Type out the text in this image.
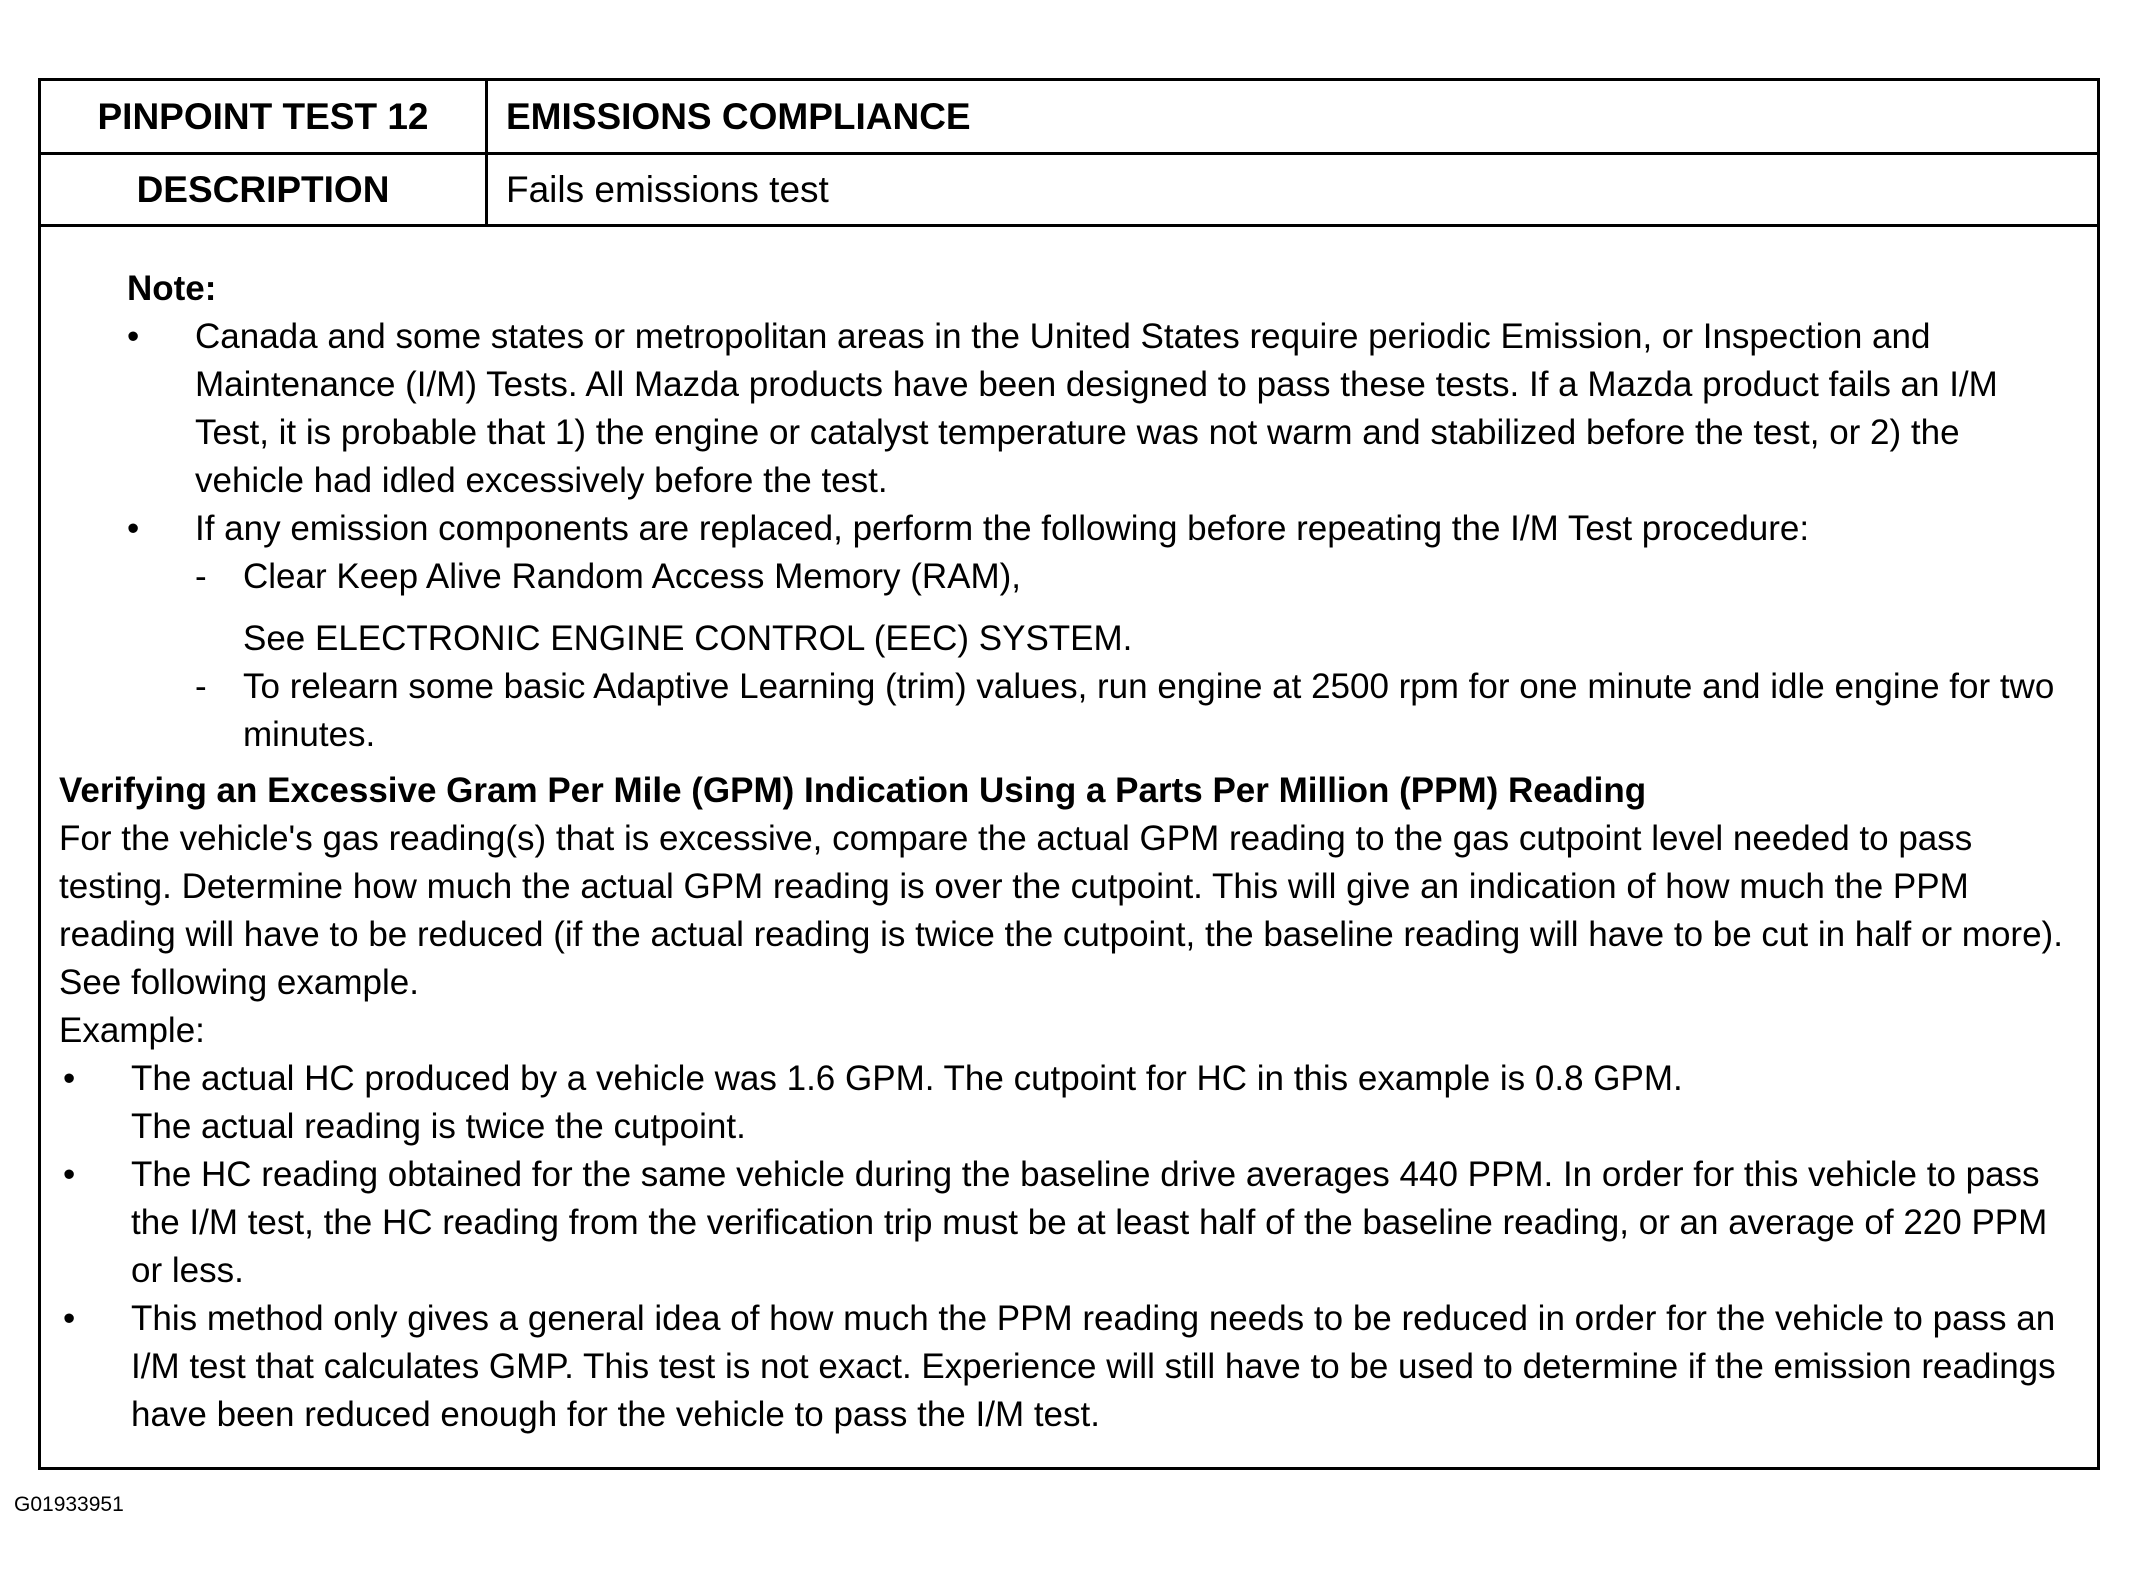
PINPOINT TEST 12	EMISSIONS COMPLIANCE
DESCRIPTION	Fails emissions test
Note:
•	Canada and some states or metropolitan areas in the United States require periodic Emission, or Inspection and Maintenance (I/M) Tests. All Mazda products have been designed to pass these tests. If a Mazda product fails an I/M Test, it is probable that 1) the engine or catalyst temperature was not warm and stabilized before the test, or 2) the vehicle had idled excessively before the test.
•	If any emission components are replaced, perform the following before repeating the I/M Test procedure:
- Clear Keep Alive Random Access Memory (RAM),
See ELECTRONIC ENGINE CONTROL (EEC) SYSTEM.
- To relearn some basic Adaptive Learning (trim) values, run engine at 2500 rpm for one minute and idle engine for two minutes.
Verifying an Excessive Gram Per Mile (GPM) Indication Using a Parts Per Million (PPM) Reading
For the vehicle's gas reading(s) that is excessive, compare the actual GPM reading to the gas cutpoint level needed to pass testing. Determine how much the actual GPM reading is over the cutpoint. This will give an indication of how much the PPM reading will have to be reduced (if the actual reading is twice the cutpoint, the baseline reading will have to be cut in half or more). See following example.
Example:
• The actual HC produced by a vehicle was 1.6 GPM. The cutpoint for HC in this example is 0.8 GPM.
The actual reading is twice the cutpoint.
• The HC reading obtained for the same vehicle during the baseline drive averages 440 PPM. In order for this vehicle to pass the I/M test, the HC reading from the verification trip must be at least half of the baseline reading, or an average of 220 PPM or less.
• This method only gives a general idea of how much the PPM reading needs to be reduced in order for the vehicle to pass an I/M test that calculates GMP. This test is not exact. Experience will still have to be used to determine if the emission readings have been reduced enough for the vehicle to pass the I/M test.
G01933951
